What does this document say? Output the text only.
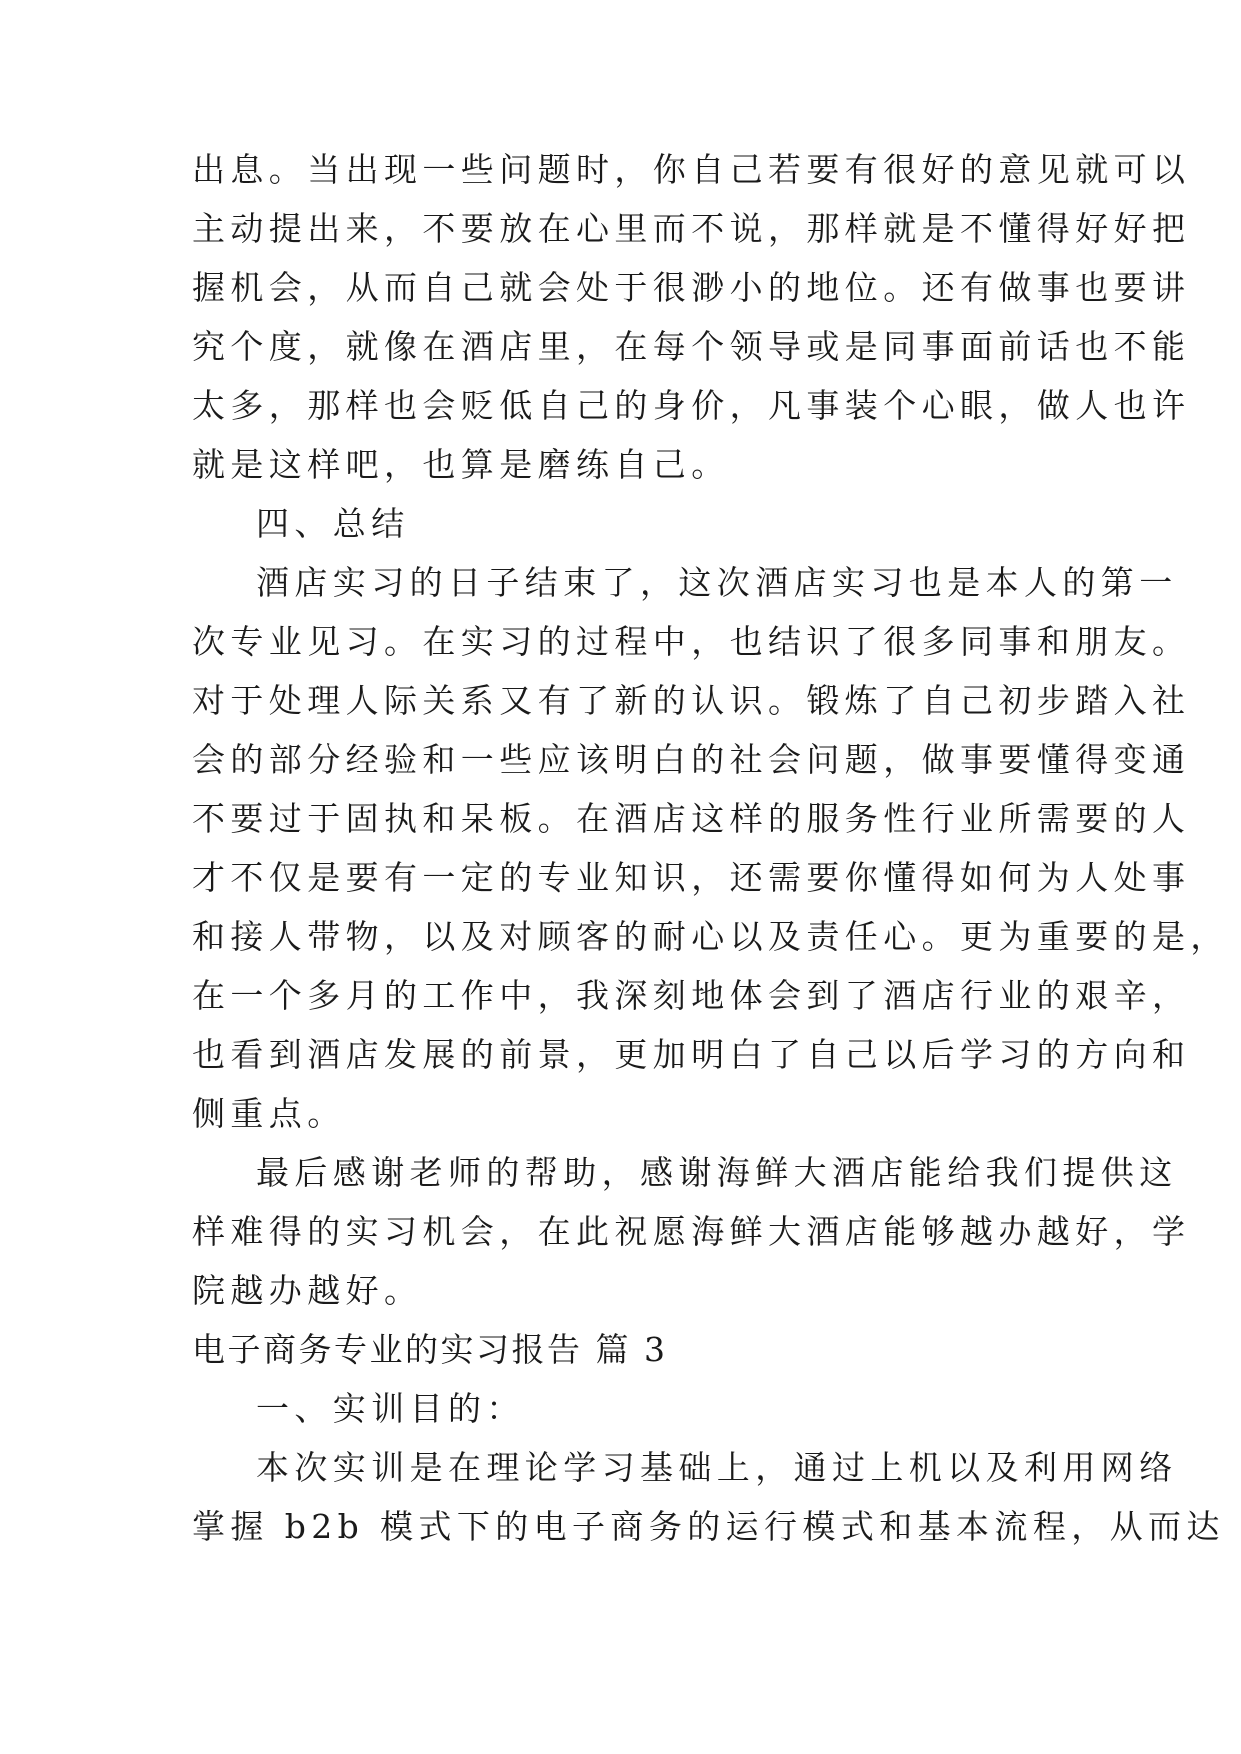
出息。当出现一些问题时，你自己若要有很好的意见就可以
主动提出来，不要放在心里而不说，那样就是不懂得好好把
握机会，从而自己就会处于很渺小的地位。还有做事也要讲
究个度，就像在酒店里，在每个领导或是同事面前话也不能
太多，那样也会贬低自己的身价，凡事装个心眼，做人也许
就是这样吧，也算是磨练自己。
四、总结
酒店实习的日子结束了，这次酒店实习也是本人的第一
次专业见习。在实习的过程中，也结识了很多同事和朋友。
对于处理人际关系又有了新的认识。锻炼了自己初步踏入社
会的部分经验和一些应该明白的社会问题，做事要懂得变通
不要过于固执和呆板。在酒店这样的服务性行业所需要的人
才不仅是要有一定的专业知识，还需要你懂得如何为人处事
和接人带物，以及对顾客的耐心以及责任心。更为重要的是，
在一个多月的工作中，我深刻地体会到了酒店行业的艰辛，
也看到酒店发展的前景，更加明白了自己以后学习的方向和
侧重点。
最后感谢老师的帮助，感谢海鲜大酒店能给我们提供这
样难得的实习机会，在此祝愿海鲜大酒店能够越办越好，学
院越办越好。
电子商务专业的实习报告 篇 3
一、实训目的：
本次实训是在理论学习基础上，通过上机以及利用网络
掌握 b2b 模式下的电子商务的运行模式和基本流程，从而达
